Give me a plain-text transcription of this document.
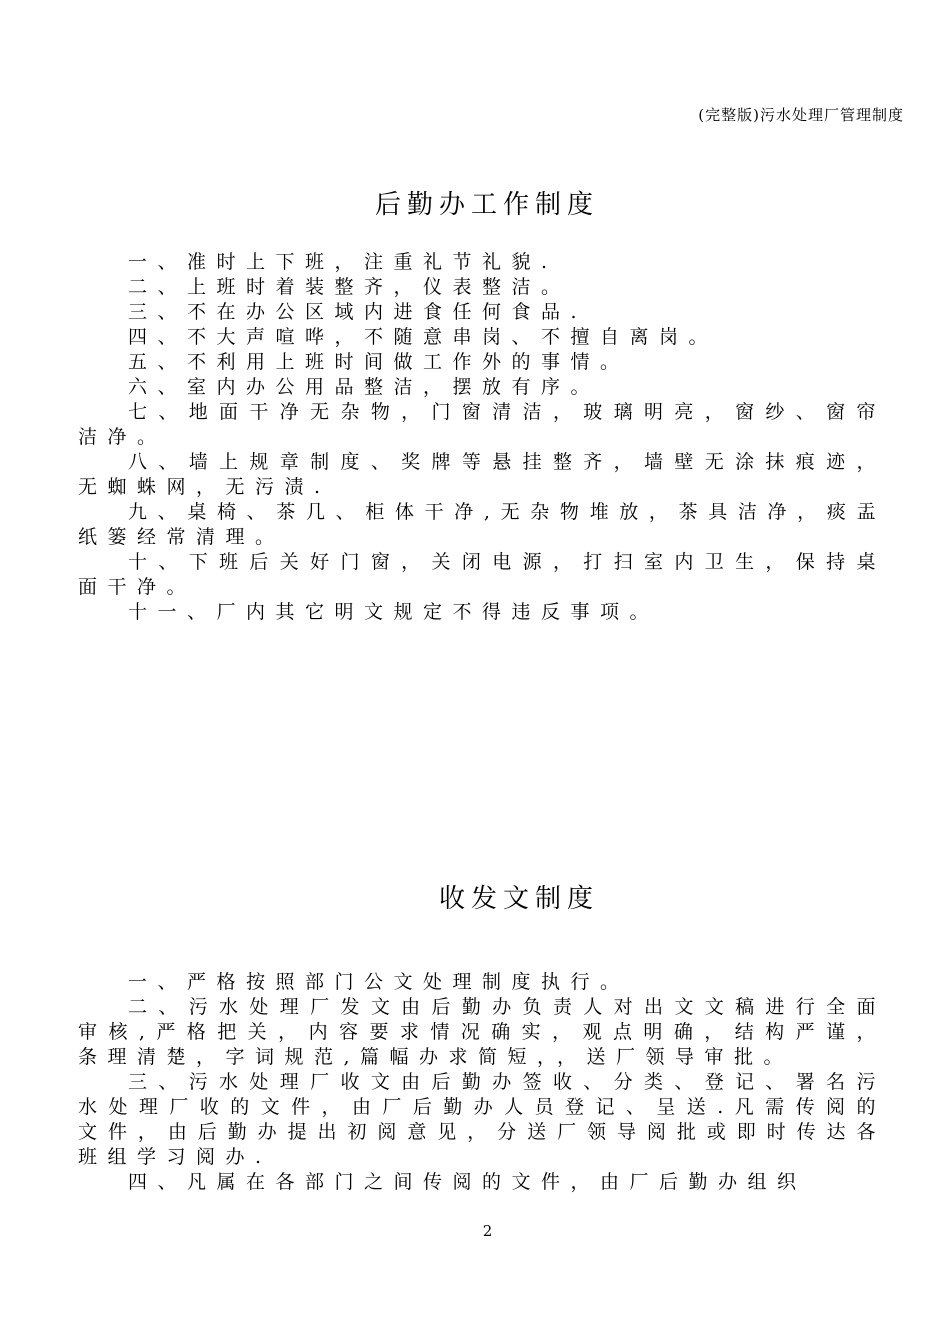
(完整版)污水处理厂管理制度
后勤办工作制度

一、准时上下班，注重礼节礼貌.

二、上班时着装整齐，仪表整洁。

三、不在办公区域内进食任何食品.

四、不大声喧哗，不随意串岗、不擅自离岗。

五、不利用上班时间做工作外的事情。

六、室内办公用品整洁，摆放有序。

七、地面干净无杂物，门窗清洁，玻璃明亮，窗纱、窗帘洁净。

八、墙上规章制度、奖牌等悬挂整齐，墙壁无涂抹痕迹，无蜘蛛网，无污渍.

九、桌椅、茶几、柜体干净,无杂物堆放，茶具洁净，痰盂纸篓经常清理。

十、下班后关好门窗，关闭电源，打扫室内卫生，保持桌面干净。

十一、厂内其它明文规定不得违反事项。

收发文制度

一、严格按照部门公文处理制度执行。

二、污水处理厂发文由后勤办负责人对出文文稿进行全面审核,严格把关，内容要求情况确实，观点明确，结构严谨，条理清楚，字词规范,篇幅办求简短，，送厂领导审批。

三、污水处理厂收文由后勤办签收、分类、登记、署名污水处理厂收的文件，由厂后勤办人员登记、呈送.凡需传阅的文件，由后勤办提出初阅意见，分送厂领导阅批或即时传达各班组学习阅办.

四、凡属在各部门之间传阅的文件，由厂后勤办组织

2
